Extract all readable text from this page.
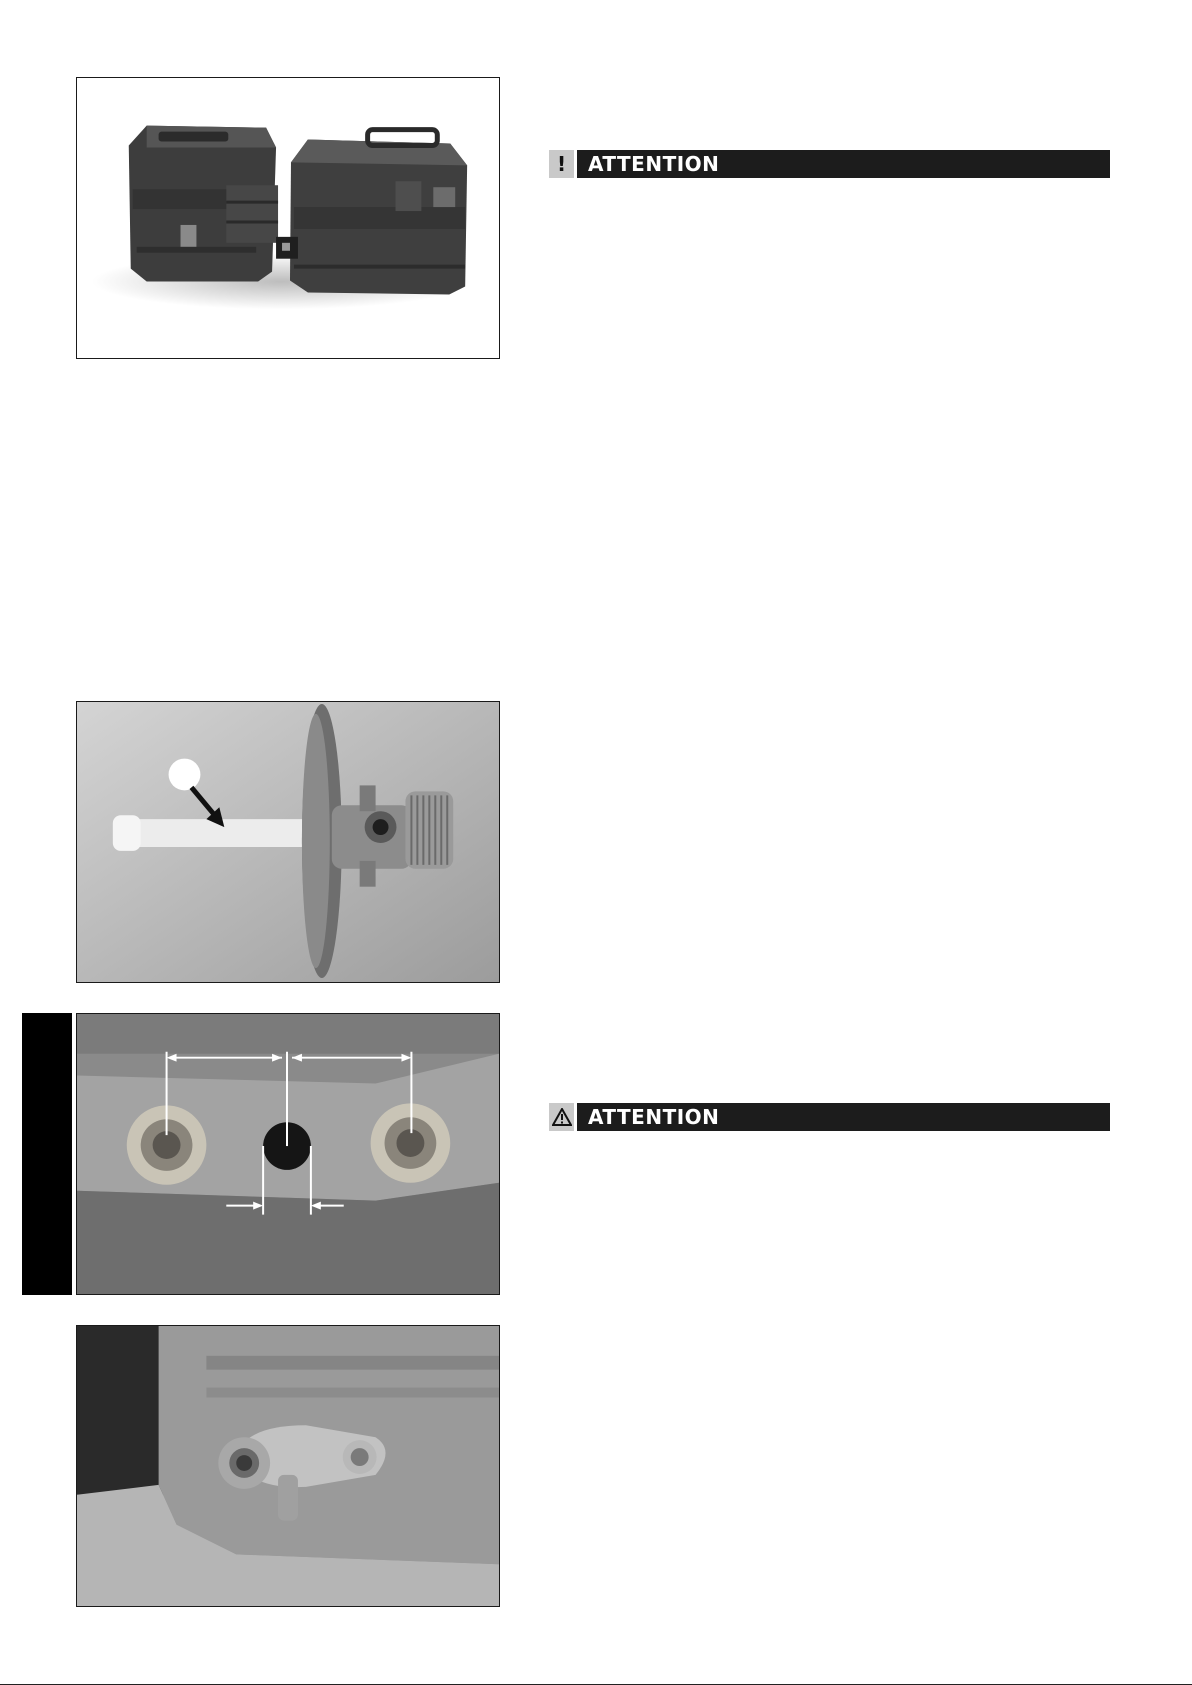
!	ATTENTION
ATTENTION
